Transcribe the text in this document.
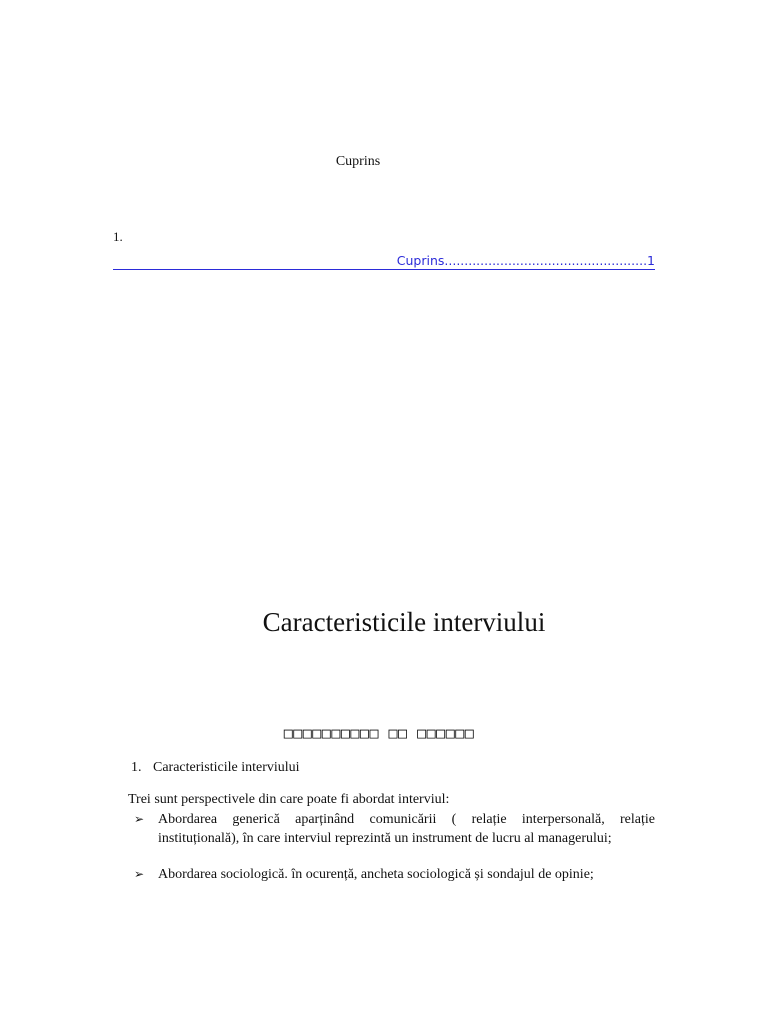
Cuprins
1.
Cuprins...................................................1
Caracteristicile interviului
□□□□□□□□□□ □□ □□□□□□
1. Caracteristicile interviului
Trei sunt perspectivele din care poate fi abordat interviul:
➢ Abordarea generică aparținând comunicării ( relație interpersonală, relație instituțională), în care interviul reprezintă un instrument de lucru al managerului;
➢ Abordarea sociologică. în ocurență, ancheta sociologică și sondajul de opinie;
